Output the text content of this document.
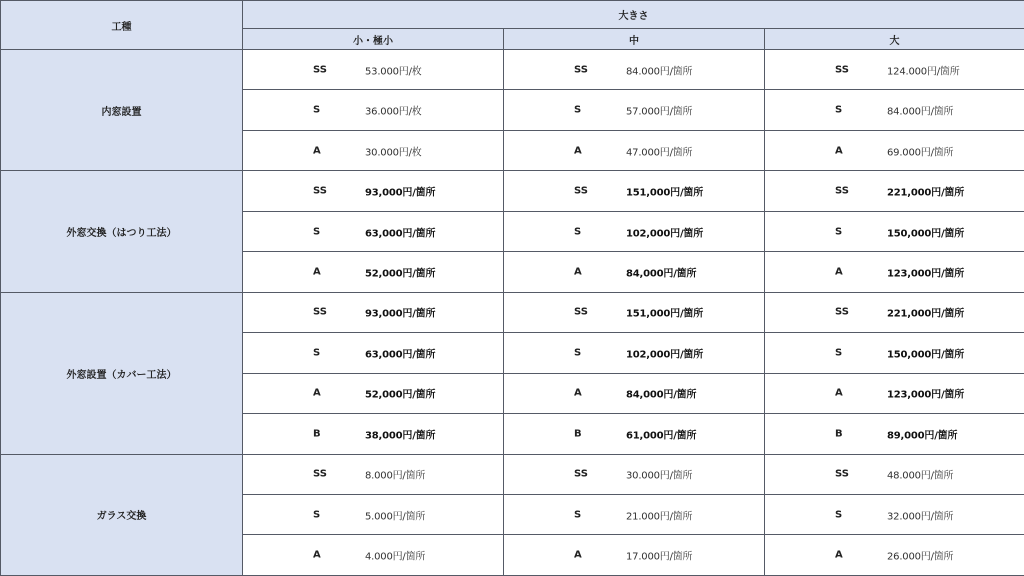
工種	大きさ		
	小・極小	中	大
内窓設置	SS 53.000円/枚	SS 84.000円/箇所	SS 124.000円/箇所

	S 36.000円/枚	S 57.000円/箇所	S 84.000円/箇所

	A 30.000円/枚	A 47.000円/箇所	A 69.000円/箇所

外窓交換（はつり工法）	SS 93,000円/箇所	SS 151,000円/箇所	SS 221,000円/箇所

	S 63,000円/箇所	S 102,000円/箇所	S 150,000円/箇所

	A 52,000円/箇所	A 84,000円/箇所	A 123,000円/箇所

外窓設置（カバー工法）	SS 93,000円/箇所	SS 151,000円/箇所	SS 221,000円/箇所

	S 63,000円/箇所	S 102,000円/箇所	S 150,000円/箇所

	A 52,000円/箇所	A 84,000円/箇所	A 123,000円/箇所

	B 38,000円/箇所	B 61,000円/箇所	B 89,000円/箇所

ガラス交換	SS 8.000円/箇所	SS 30.000円/箇所	SS 48.000円/箇所

	S 5.000円/箇所	S 21.000円/箇所	S 32.000円/箇所

	A 4.000円/箇所	A 17.000円/箇所	A 26.000円/箇所
